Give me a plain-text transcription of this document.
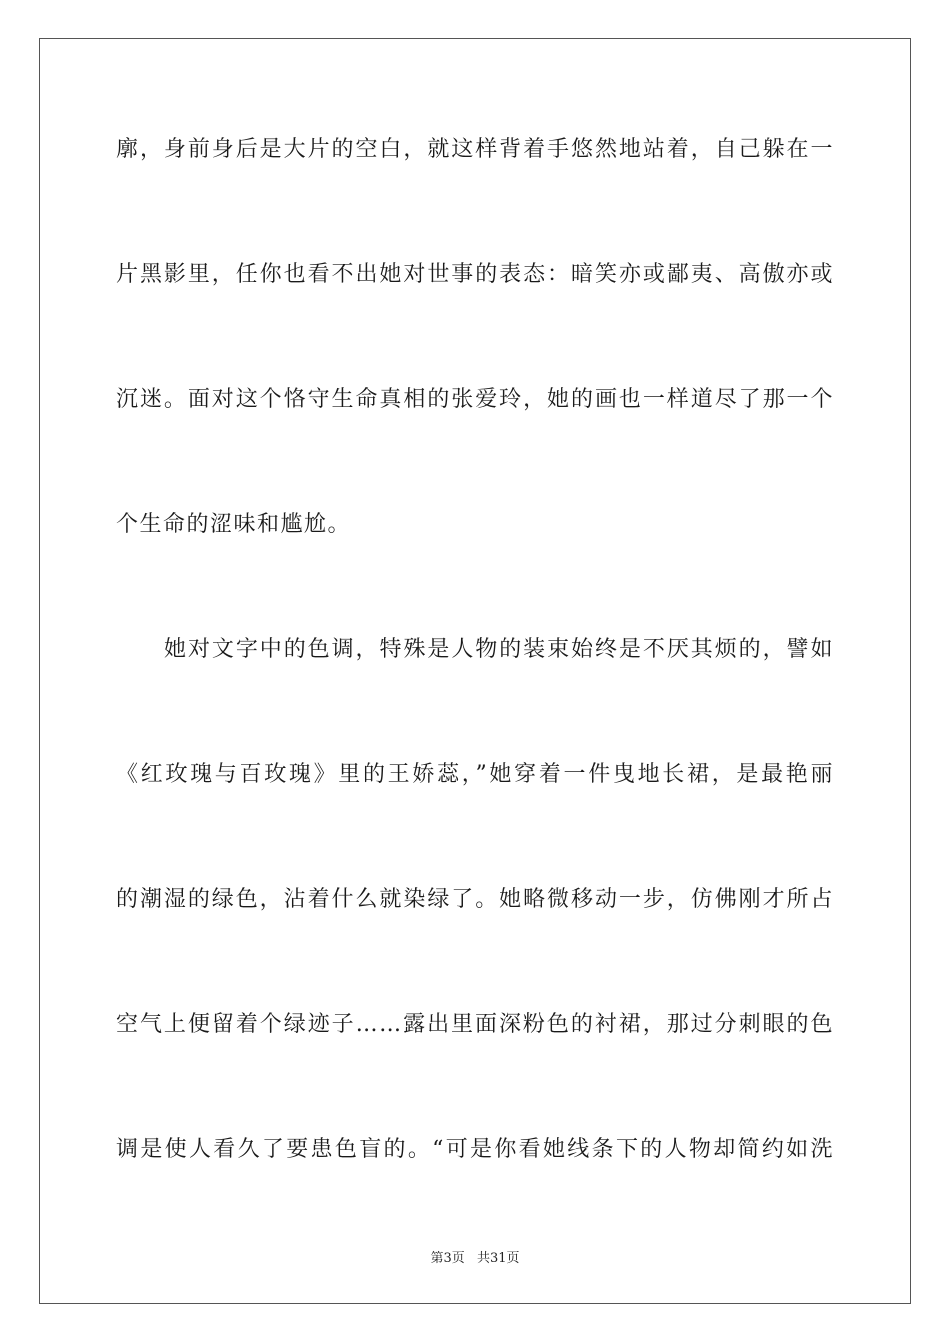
廓，身前身后是大片的空白，就这样背着手悠然地站着，自己躲在一
片黑影里，任你也看不出她对世事的表态：暗笑亦或鄙夷、高傲亦或
沉迷。面对这个恪守生命真相的张爱玲，她的画也一样道尽了那一个
个生命的涩味和尴尬。
她对文字中的色调，特殊是人物的装束始终是不厌其烦的，譬如
《红玫瑰与百玫瑰》里的王娇蕊，”她穿着一件曳地长裙，是最艳丽
的潮湿的绿色，沾着什么就染绿了。她略微移动一步，仿佛刚才所占
空气上便留着个绿迹子……露出里面深粉色的衬裙，那过分刺眼的色
调是使人看久了要患色盲的。“可是你看她线条下的人物却简约如洗
第3页 共31页
